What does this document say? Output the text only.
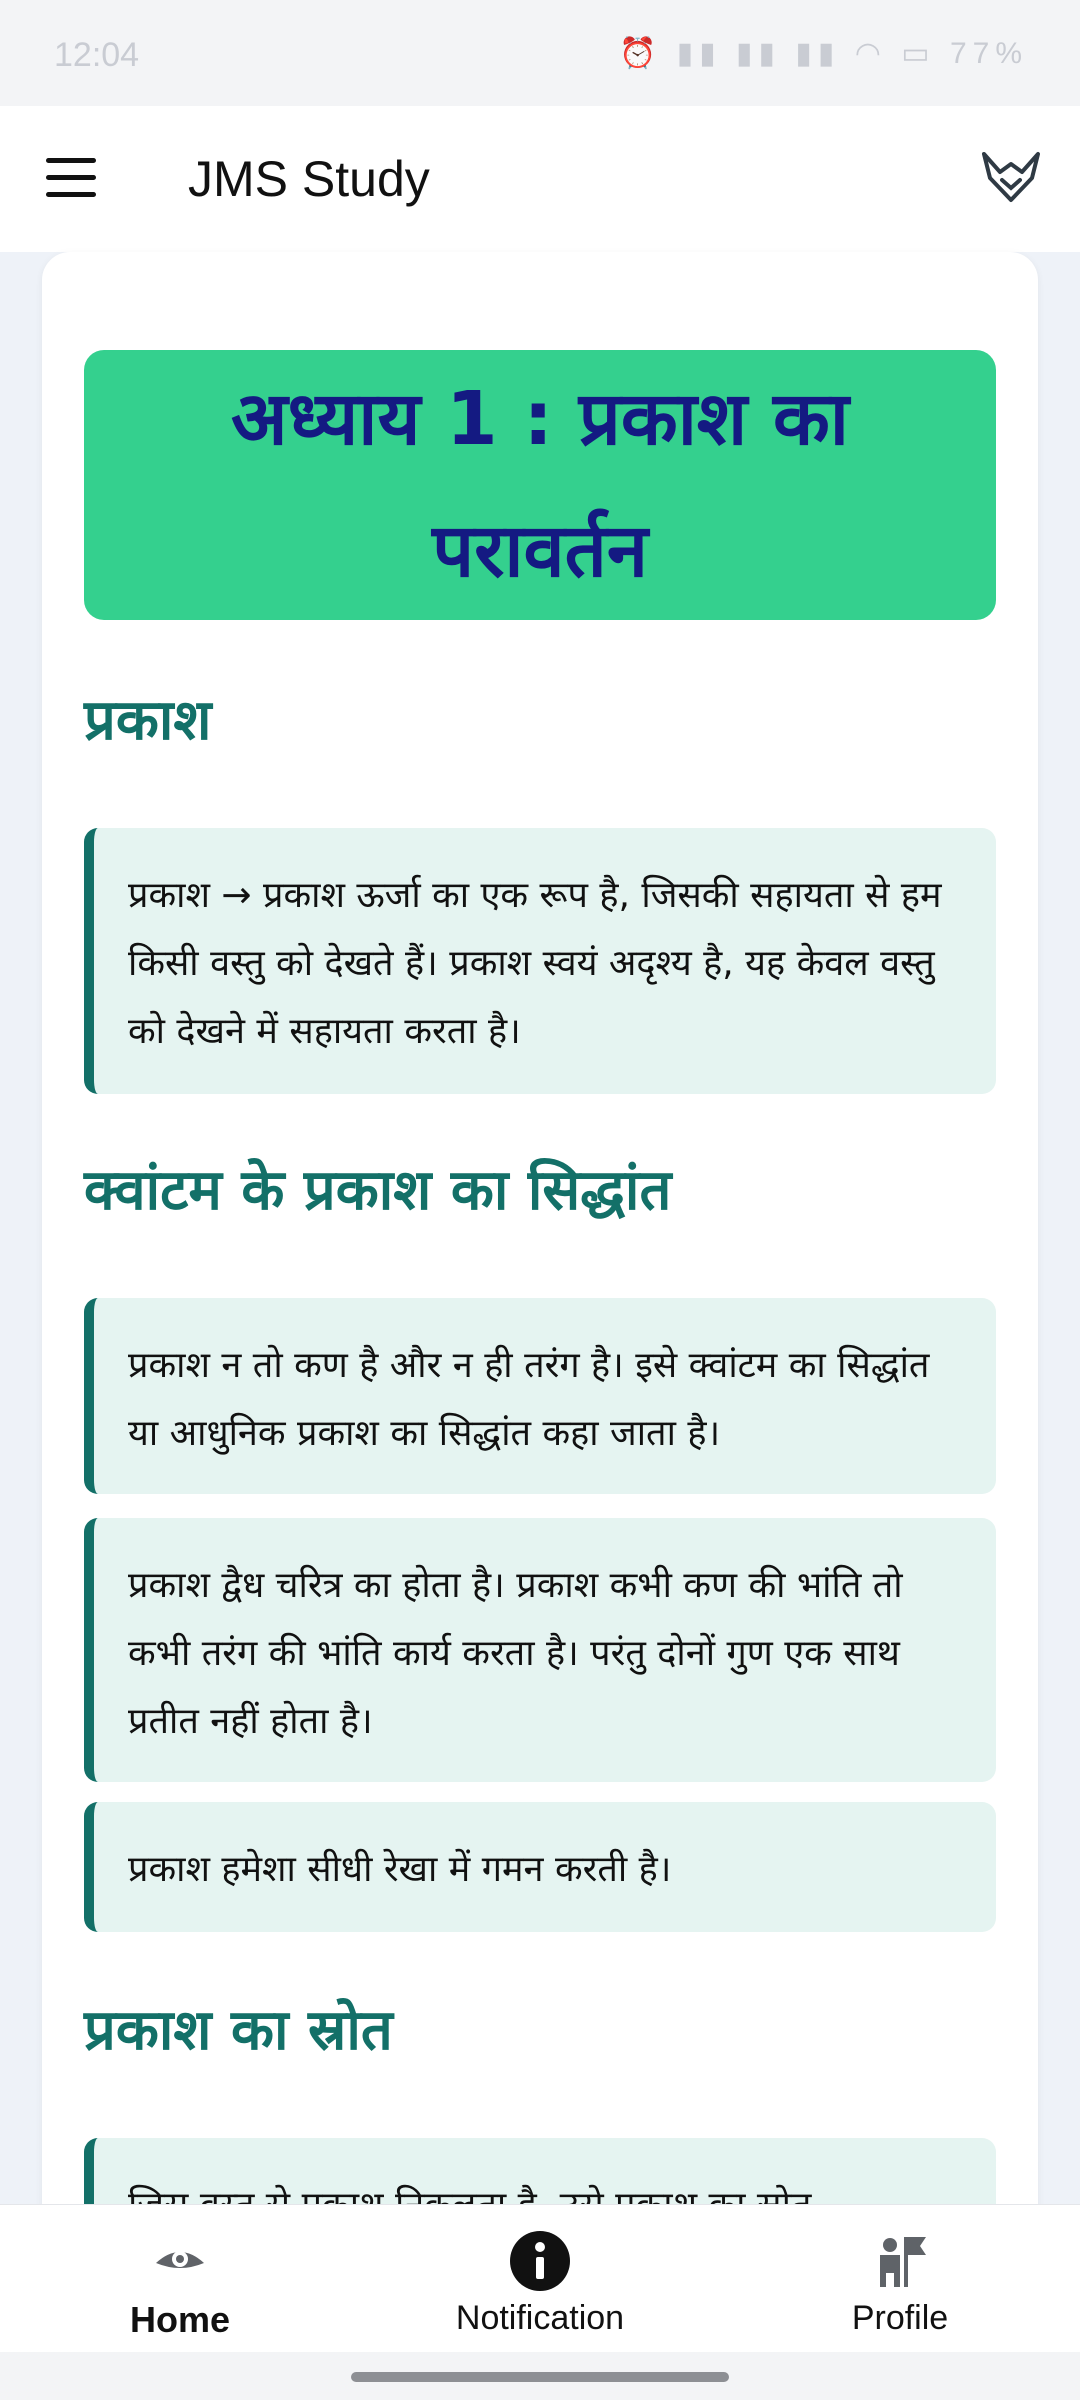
12:04	⏰ ▮▮ ▮▮ ▮▮ ◠ ▭ 77%
JMS Study
अध्याय 1 : प्रकाश का परावर्तन
प्रकाश
प्रकाश → प्रकाश ऊर्जा का एक रूप है, जिसकी सहायता से हम किसी वस्तु को देखते हैं। प्रकाश स्वयं अदृश्य है, यह केवल वस्तु को देखने में सहायता करता है।
क्वांटम के प्रकाश का सिद्धांत
प्रकाश न तो कण है और न ही तरंग है। इसे क्वांटम का सिद्धांत या आधुनिक प्रकाश का सिद्धांत कहा जाता है।
प्रकाश द्वैध चरित्र का होता है। प्रकाश कभी कण की भांति तो कभी तरंग की भांति कार्य करता है। परंतु दोनों गुण एक साथ प्रतीत नहीं होता है।
प्रकाश हमेशा सीधी रेखा में गमन करती है।
प्रकाश का स्रोत
Home	Notification	Profile
